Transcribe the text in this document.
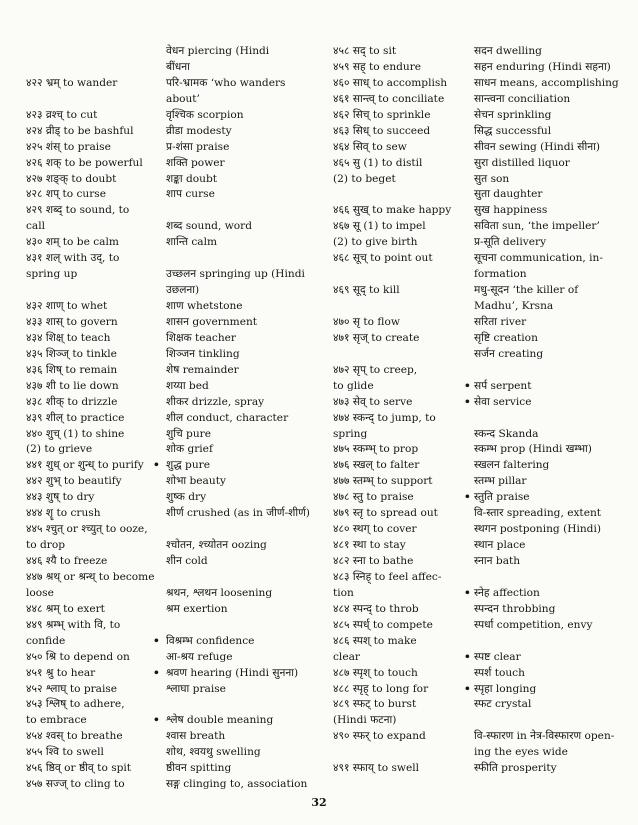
वेधन piercing (Hindi
बींधना
४२२ भ्रम् to wander	परि-भ्रामक ‘who wanders
about’
४२३ व्रश्च् to cut	वृश्चिक scorpion
४२४ व्रीड् to be bashful	व्रीडा modesty
४२५ शंस् to praise	प्र-शंसा praise
४२६ शक् to be powerful	शक्ति power
४२७ शङ्क् to doubt	शङ्का doubt
४२८ शप् to curse	शाप curse
४२९ शब्द् to sound, to
call	शब्द sound, word
४३० शम् to be calm	शान्ति calm
४३१ शल् with उद्, to
spring up	उच्छलन springing up (Hindi
उछलना)
४३२ शाण् to whet	शाण whetstone
४३३ शास् to govern	शासन government
४३४ शिक्ष् to teach	शिक्षक teacher
४३५ शिञ्ज् to tinkle	शिञ्जन tinkling
४३६ शिष् to remain	शेष remainder
४३७ शी to lie down	शय्या bed
४३८ शीक् to drizzle	शीकर drizzle, spray
४३९ शील् to practice	शील conduct, character
४४० शुच् (1) to shine	शुचि pure
(2) to grieve	शोक grief
४४१ शुध् or शुन्ध् to purify • शुद्ध pure
४४२ शुभ् to beautify	शोभा beauty
४४३ शुष् to dry	शुष्क dry
४४४ शॄ to crush	शीर्ण crushed (as in जीर्ण-शीर्ण)
४४५ श्चुत् or श्च्युत् to ooze,
to drop	श्चोतन, श्च्योतन oozing
४४६ श्यै to freeze	शीन cold
४४७ श्रथ् or श्रन्थ् to become
loose	श्रथन, श्लथन loosening
४४८ श्रम् to exert	श्रम exertion
४४९ श्रम्भ् with वि, to
confide	• विश्रम्भ confidence
४५० श्रि to depend on	आ-श्रय refuge
४५१ श्रु to hear	• श्रवण hearing (Hindi सुनना)
४५२ श्लाघ् to praise	श्लाघा praise
४५३ श्लिष् to adhere,
to embrace	• श्लेष double meaning
४५४ श्वस् to breathe	श्वास breath
४५५ श्वि to swell	शोथ, श्वयथु swelling
४५६ ष्ठिव् or ष्ठीव् to spit	ष्ठीवन spitting
४५७ सज्ज् to cling to	सङ्ग clinging to, association
४५८ सद् to sit	सदन dwelling
४५९ सह् to endure	सहन enduring (Hindi सहना)
४६० साध् to accomplish	साधन means, accomplishing
४६१ सान्त्व् to conciliate	सान्त्वना conciliation
४६२ सिच् to sprinkle	सेचन sprinkling
४६३ सिध् to succeed	सिद्ध successful
४६४ सिव् to sew	सीवन sewing (Hindi सीना)
४६५ सु (1) to distil	सुरा distilled liquor
(2) to beget	सुत son
सुता daughter
४६६ सुख् to make happy	सुख happiness
४६७ सू (1) to impel	सविता sun, ‘the impeller’
(2) to give birth	प्र-सूति delivery
४६८ सूच् to point out	सूचना communication, in-
formation
४६९ सूद् to kill	मधु-सूदन ‘the killer of
Madhu’, Krsna
४७० सृ to flow	सरिता river
४७१ सृज् to create	सृष्टि creation
सर्जन creating
४७२ सृप् to creep,
to glide	• सर्प serpent
४७३ सेव् to serve	• सेवा service
४७४ स्कन्द् to jump, to
spring	स्कन्द Skanda
४७५ स्कम्भ् to prop	स्कम्भ prop (Hindi खम्भा)
४७६ स्खल् to falter	स्खलन faltering
४७७ स्तम्भ् to support	स्तम्भ pillar
४७८ स्तु to praise	• स्तुति praise
४७९ स्तृ to spread out	वि-स्तार spreading, extent
४८० स्थग् to cover	स्थगन postponing (Hindi)
४८१ स्था to stay	स्थान place
४८२ स्ना to bathe	स्नान bath
४८३ स्निह् to feel affec-
tion	• स्नेह affection
४८४ स्पन्द् to throb	स्पन्दन throbbing
४८५ स्पर्ध् to compete	स्पर्धा competition, envy
४८६ स्पश् to make
clear	• स्पष्ट clear
४८७ स्पृश् to touch	स्पर्श touch
४८८ स्पृह् to long for	• स्पृहा longing
४८९ स्फट् to burst	स्फट crystal
(Hindi फटना)
४९० स्फर् to expand	वि-स्फारण in नेत्र-विस्फारण open-
ing the eyes wide
४९१ स्फाय् to swell	स्फीति prosperity
32
